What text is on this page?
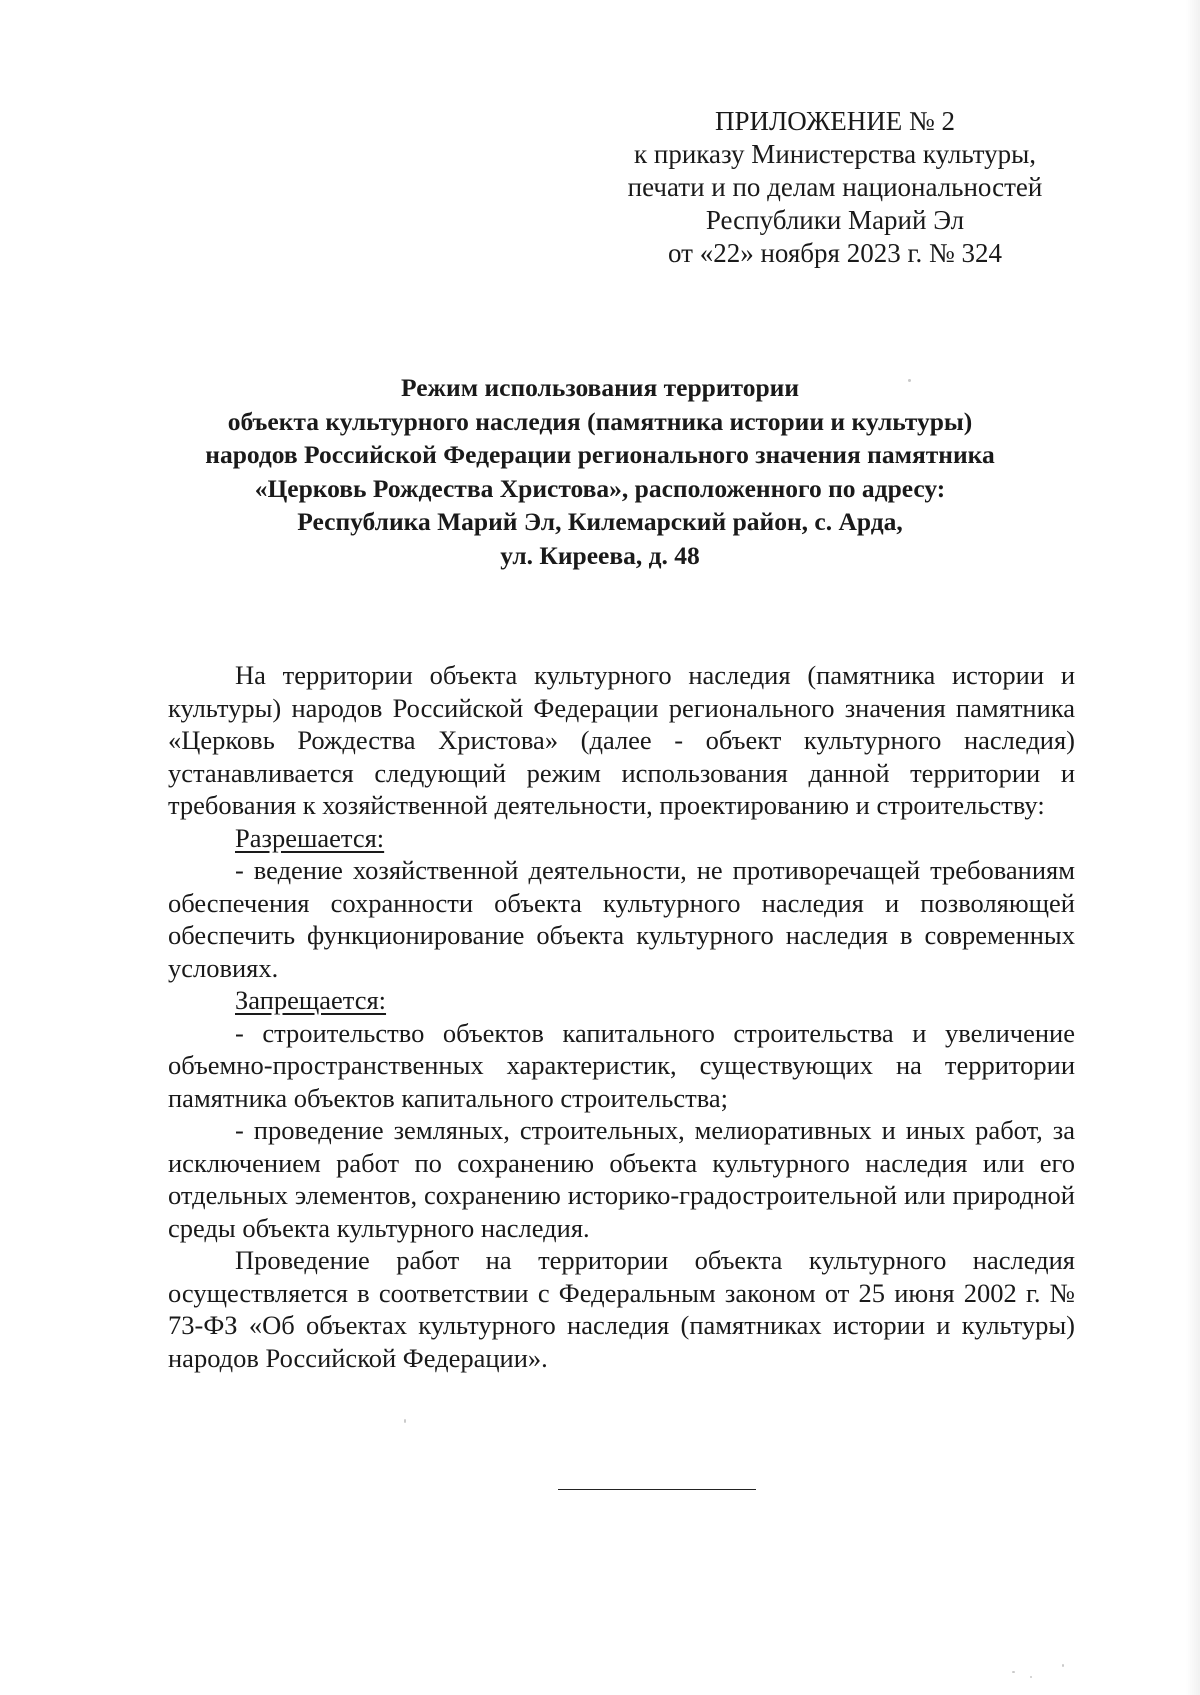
ПРИЛОЖЕНИЕ № 2
к приказу Министерства культуры,
печати и по делам национальностей
Республики Марий Эл
от «22» ноября 2023 г. № 324
Режим использования территории
объекта культурного наследия (памятника истории и культуры)
народов Российской Федерации регионального значения памятника
«Церковь Рождества Христова», расположенного по адресу:
Республика Марий Эл, Килемарский район, с. Арда,
ул. Киреева, д. 48

На территории объекта культурного наследия (памятника истории и культуры) народов Российской Федерации регионального значения памятника «Церковь Рождества Христова» (далее - объект культурного наследия) устанавливается следующий режим использования данной территории и требования к хозяйственной деятельности, проектированию и строительству:

Разрешается:

- ведение хозяйственной деятельности, не противоречащей требованиям обеспечения сохранности объекта культурного наследия и позволяющей обеспечить функционирование объекта культурного наследия в современных условиях.

Запрещается:

- строительство объектов капитального строительства и увеличение объемно-пространственных характеристик, существующих на территории памятника объектов капитального строительства;

- проведение земляных, строительных, мелиоративных и иных работ, за исключением работ по сохранению объекта культурного наследия или его отдельных элементов, сохранению историко-градостроительной или природной среды объекта культурного наследия.

Проведение работ на территории объекта культурного наследия осуществляется в соответствии с Федеральным законом от 25 июня 2002 г. № 73-ФЗ «Об объектах культурного наследия (памятниках истории и культуры) народов Российской Федерации».
